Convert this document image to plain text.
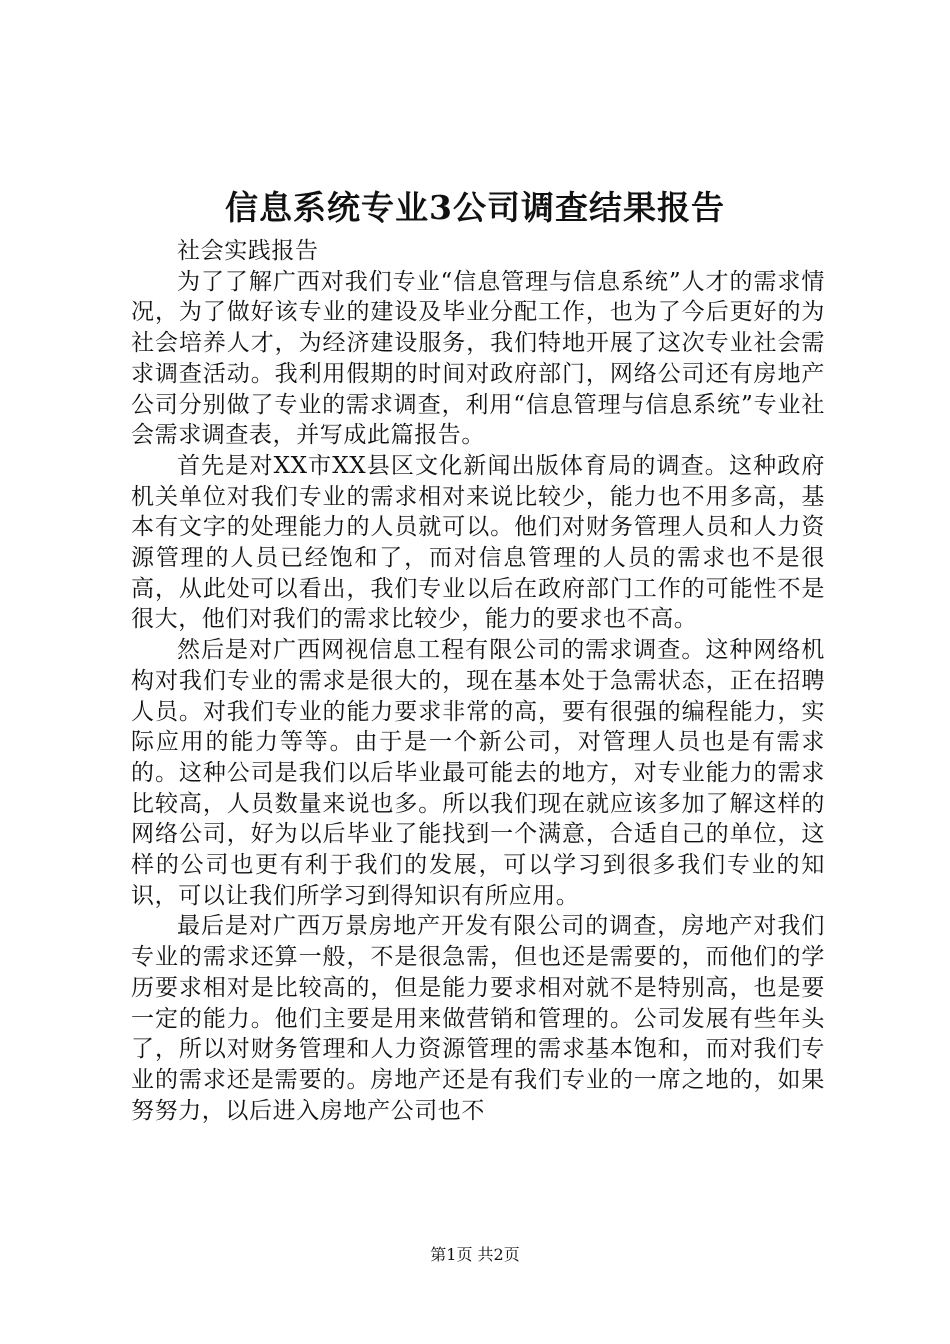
信息系统专业3公司调查结果报告

社会实践报告

为了了解广西对我们专业“信息管理与信息系统”人才的需求情况，为了做好该专业的建设及毕业分配工作，也为了今后更好的为社会培养人才，为经济建设服务，我们特地开展了这次专业社会需求调查活动。我利用假期的时间对政府部门，网络公司还有房地产公司分别做了专业的需求调查，利用“信息管理与信息系统”专业社会需求调查表，并写成此篇报告。

首先是对XX市XX县区文化新闻出版体育局的调查。这种政府机关单位对我们专业的需求相对来说比较少，能力也不用多高，基本有文字的处理能力的人员就可以。他们对财务管理人员和人力资源管理的人员已经饱和了，而对信息管理的人员的需求也不是很高，从此处可以看出，我们专业以后在政府部门工作的可能性不是很大，他们对我们的需求比较少，能力的要求也不高。

然后是对广西网视信息工程有限公司的需求调查。这种网络机构对我们专业的需求是很大的，现在基本处于急需状态，正在招聘人员。对我们专业的能力要求非常的高，要有很强的编程能力，实际应用的能力等等。由于是一个新公司，对管理人员也是有需求的。这种公司是我们以后毕业最可能去的地方，对专业能力的需求比较高，人员数量来说也多。所以我们现在就应该多加了解这样的网络公司，好为以后毕业了能找到一个满意，合适自己的单位，这样的公司也更有利于我们的发展，可以学习到很多我们专业的知识，可以让我们所学习到得知识有所应用。

最后是对广西万景房地产开发有限公司的调查，房地产对我们专业的需求还算一般，不是很急需，但也还是需要的，而他们的学历要求相对是比较高的，但是能力要求相对就不是特别高，也是要一定的能力。他们主要是用来做营销和管理的。公司发展有些年头了，所以对财务管理和人力资源管理的需求基本饱和，而对我们专业的需求还是需要的。房地产还是有我们专业的一席之地的，如果努努力，以后进入房地产公司也不

第1页 共2页
